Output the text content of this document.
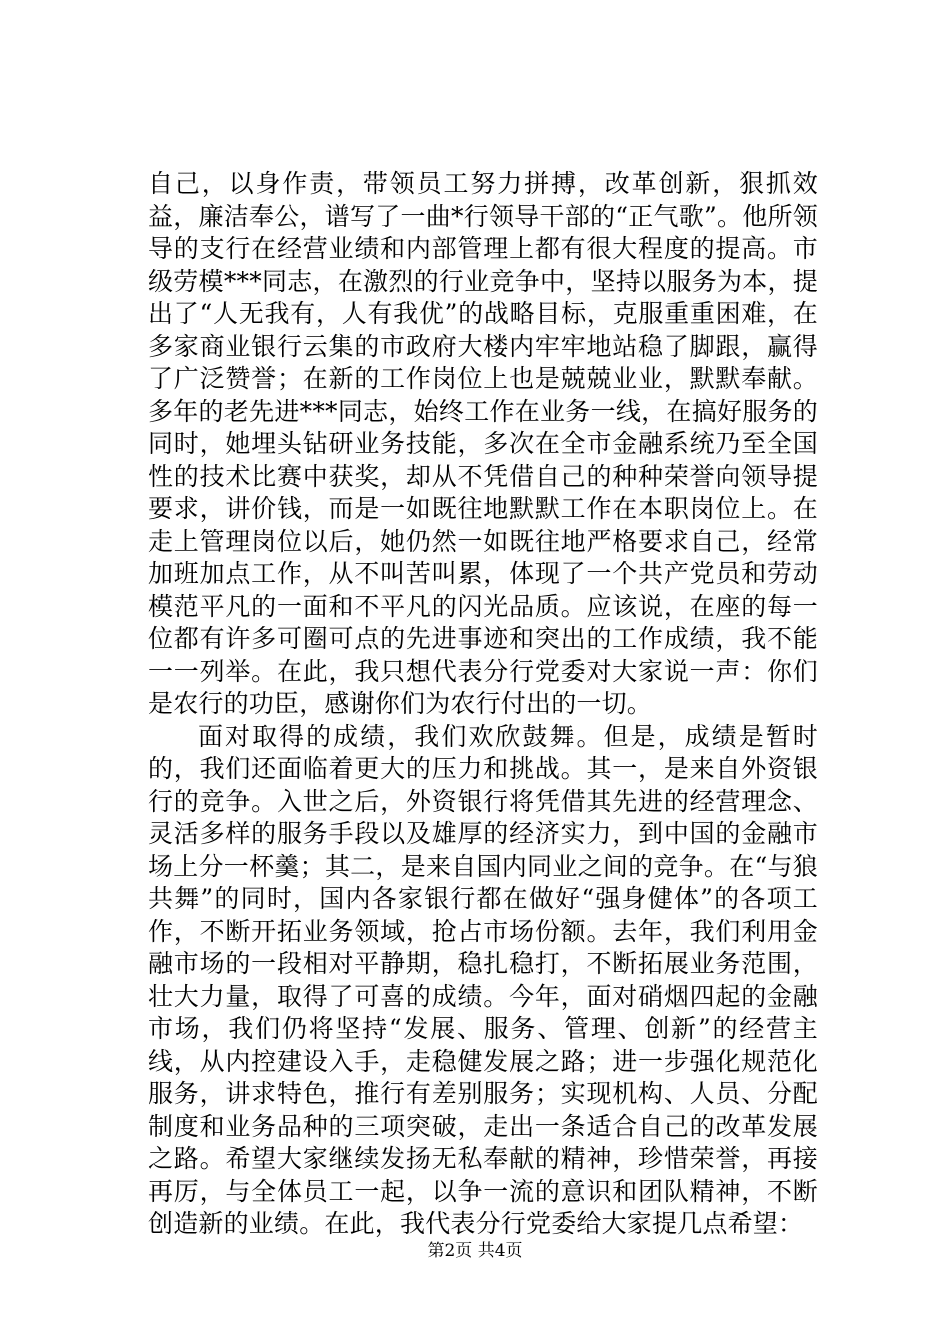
自己，以身作责，带领员工努力拼搏，改革创新，狠抓效益，廉洁奉公，谱写了一曲*行领导干部的“正气歌”。他所领导的支行在经营业绩和内部管理上都有很大程度的提高。市级劳模***同志，在激烈的行业竞争中，坚持以服务为本，提出了“人无我有，人有我优”的战略目标，克服重重困难，在多家商业银行云集的市政府大楼内牢牢地站稳了脚跟，赢得了广泛赞誉；在新的工作岗位上也是兢兢业业，默默奉献。多年的老先进***同志，始终工作在业务一线，在搞好服务的同时，她埋头钻研业务技能，多次在全市金融系统乃至全国性的技术比赛中获奖，却从不凭借自己的种种荣誉向领导提要求，讲价钱，而是一如既往地默默工作在本职岗位上。在走上管理岗位以后，她仍然一如既往地严格要求自己，经常加班加点工作，从不叫苦叫累，体现了一个共产党员和劳动模范平凡的一面和不平凡的闪光品质。应该说，在座的每一位都有许多可圈可点的先进事迹和突出的工作成绩，我不能一一列举。在此，我只想代表分行党委对大家说一声：你们是农行的功臣，感谢你们为农行付出的一切。

面对取得的成绩，我们欢欣鼓舞。但是，成绩是暂时的，我们还面临着更大的压力和挑战。其一，是来自外资银行的竞争。入世之后，外资银行将凭借其先进的经营理念、灵活多样的服务手段以及雄厚的经济实力，到中国的金融市场上分一杯羹；其二，是来自国内同业之间的竞争。在“与狼共舞”的同时，国内各家银行都在做好“强身健体”的各项工作，不断开拓业务领域，抢占市场份额。去年，我们利用金融市场的一段相对平静期，稳扎稳打，不断拓展业务范围，壮大力量，取得了可喜的成绩。今年，面对硝烟四起的金融市场，我们仍将坚持“发展、服务、管理、创新”的经营主线，从内控建设入手，走稳健发展之路；进一步强化规范化服务，讲求特色，推行有差别服务；实现机构、人员、分配制度和业务品种的三项突破，走出一条适合自己的改革发展之路。希望大家继续发扬无私奉献的精神，珍惜荣誉，再接再厉，与全体员工一起，以争一流的意识和团队精神，不断创造新的业绩。在此，我代表分行党委给大家提几点希望：

第2页 共4页
